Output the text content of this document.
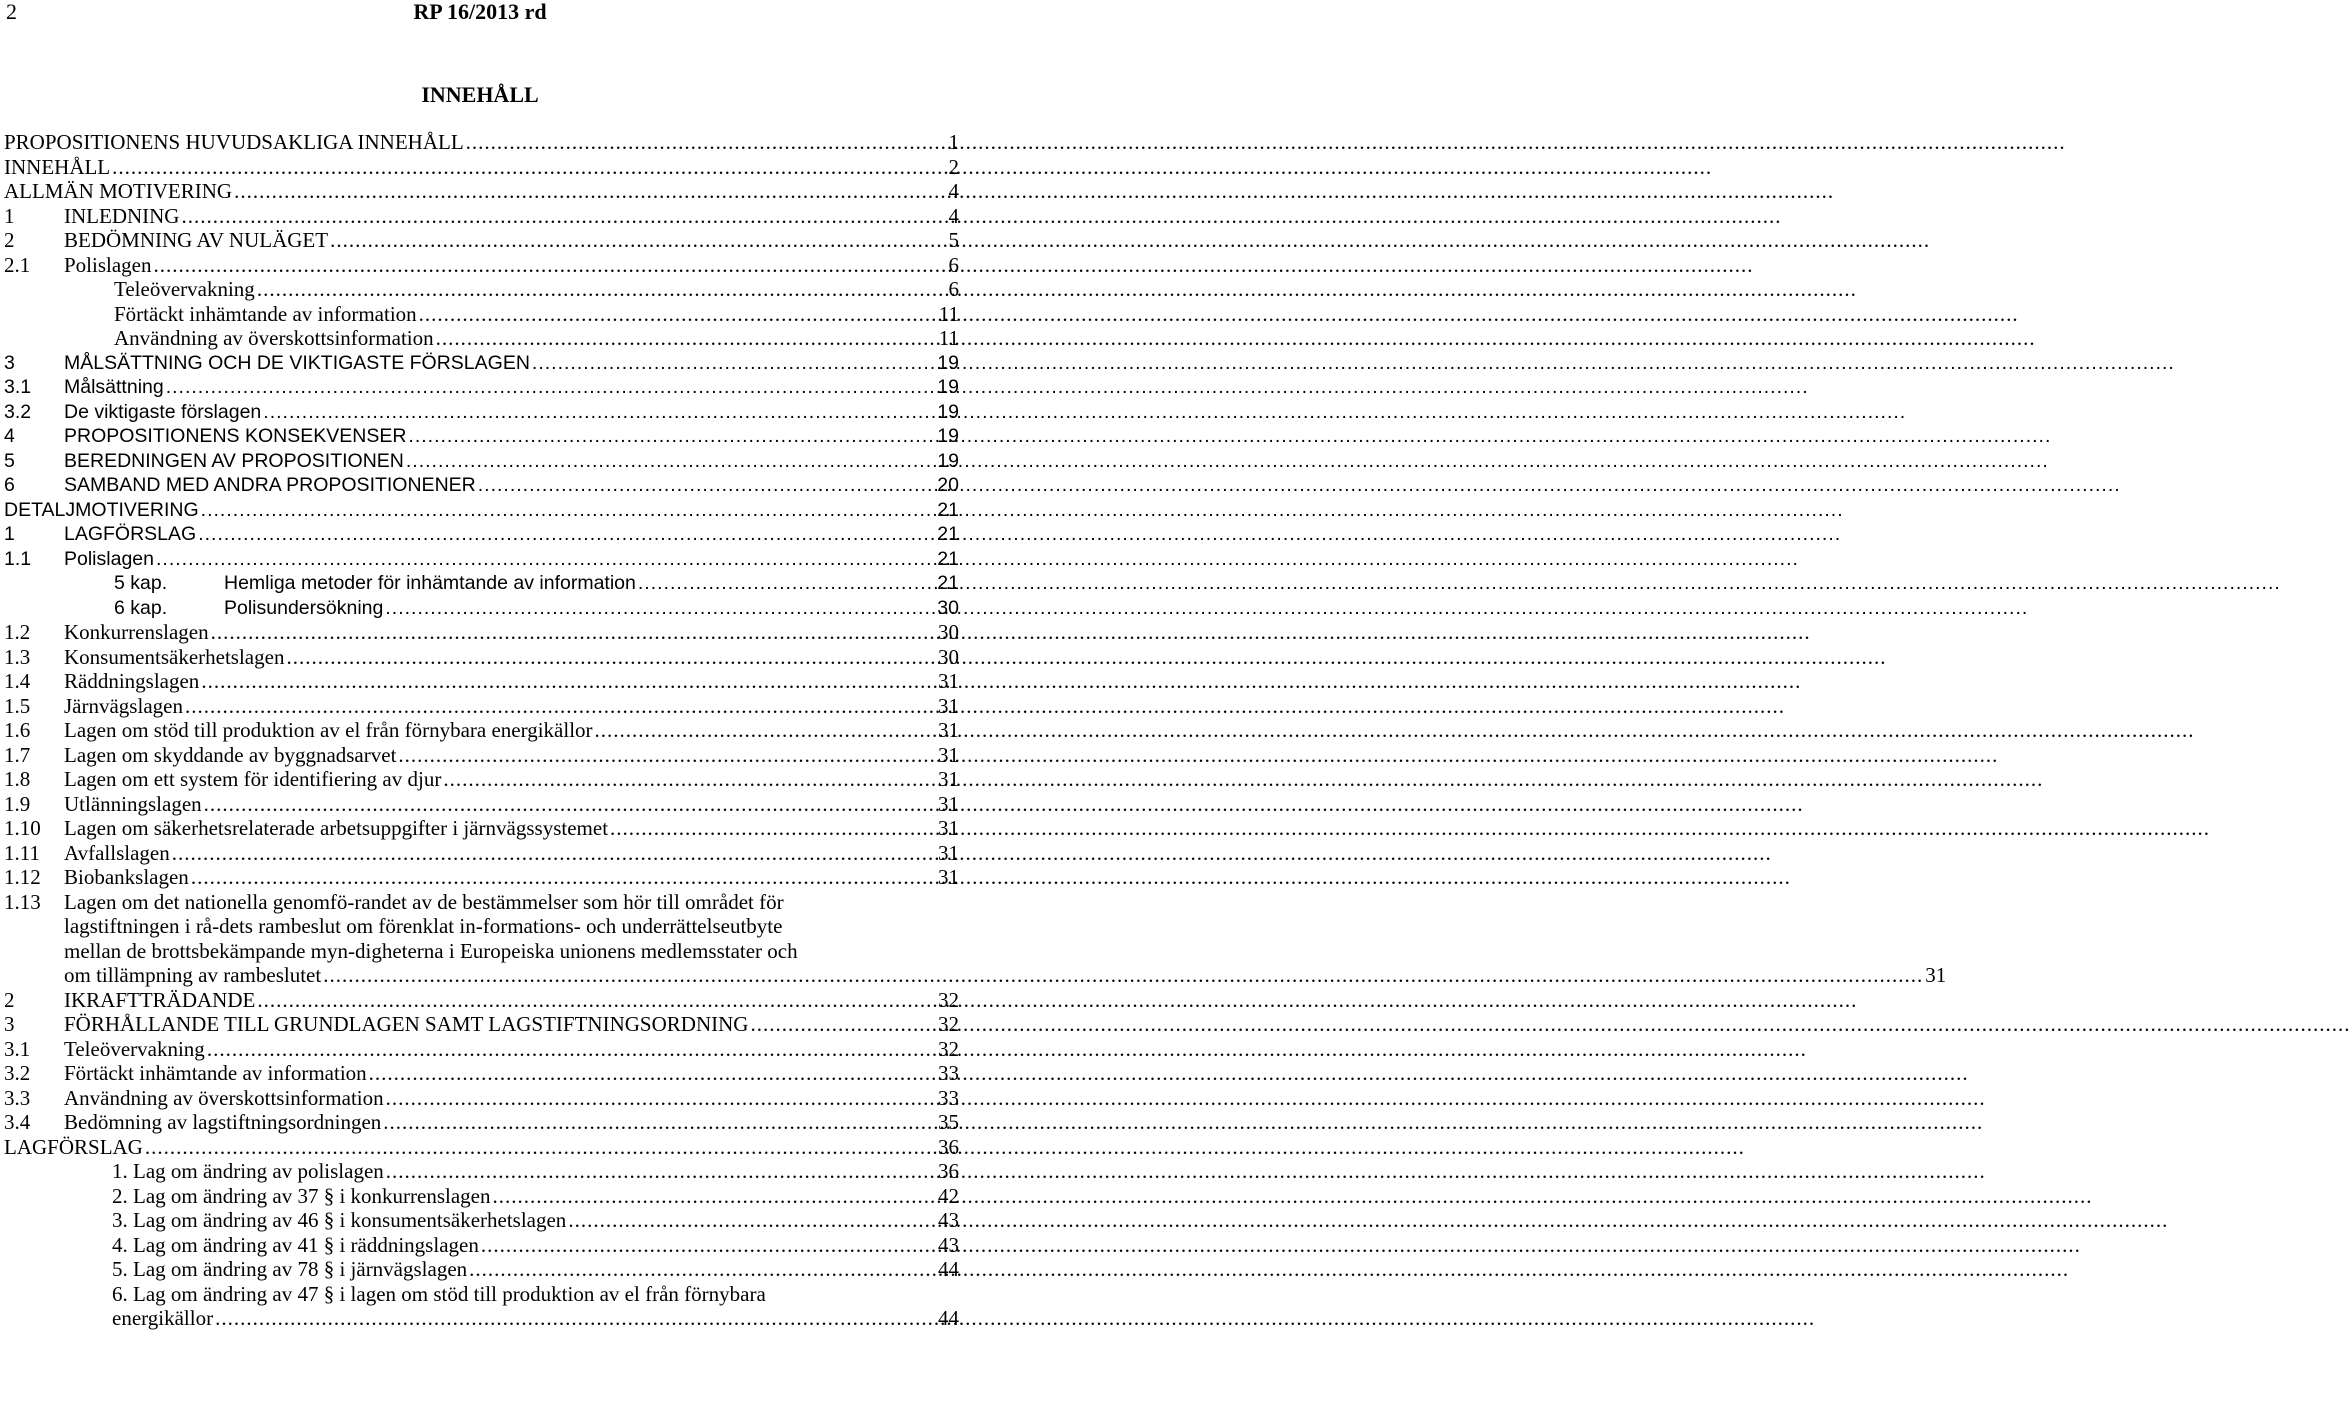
2	RP 16/2013 rd
INNEHÅLL
PROPOSITIONENS HUVUDSAKLIGA INNEHÅLL .....	1
INNEHÅLL .....	2
ALLMÄN MOTIVERING .....	4
1	INLEDNING .....	4
2	BEDÖMNING AV NULÄGET .....	5
2.1	Polislagen .....	6
Teleövervakning .....	6
Förtäckt inhämtande av information .....	11
Användning av överskottsinformation .....	11
3	MÅLSÄTTNING OCH DE VIKTIGASTE FÖRSLAGEN .....	19
3.1	Målsättning .....	19
3.2	De viktigaste förslagen .....	19
4	PROPOSITIONENS KONSEKVENSER .....	19
5	BEREDNINGEN AV PROPOSITIONEN .....	19
6	SAMBAND MED ANDRA PROPOSITIONENER .....	20
DETALJMOTIVERING .....	21
1	LAGFÖRSLAG .....	21
1.1	Polislagen .....	21
5 kap.	Hemliga metoder för inhämtande av information .....	21
6 kap.	Polisundersökning .....	30
1.2	Konkurrenslagen .....	30
1.3	Konsumentsäkerhetslagen .....	30
1.4	Räddningslagen .....	31
1.5	Järnvägslagen .....	31
1.6	Lagen om stöd till produktion av el från förnybara energikällor .....	31
1.7	Lagen om skyddande av byggnadsarvet .....	31
1.8	Lagen om ett system för identifiering av djur .....	31
1.9	Utlänningslagen .....	31
1.10	Lagen om säkerhetsrelaterade arbetsuppgifter i järnvägssystemet .....	31
1.11	Avfallslagen .....	31
1.12	Biobankslagen .....	31
1.13	Lagen om det nationella genomfö-randet av de bestämmelser som hör till området för
lagstiftningen i rå-dets rambeslut om förenklat in-formations- och underrättelseutbyte
mellan de brottsbekämpande myn-digheterna i Europeiska unionens medlemsstater och
om tillämpning av rambeslutet .....	31
2	IKRAFTTRÄDANDE .....	32
3	FÖRHÅLLANDE TILL GRUNDLAGEN SAMT LAGSTIFTNINGSORDNING .....	32
3.1	Teleövervakning .....	32
3.2	Förtäckt inhämtande av information .....	33
3.3	Användning av överskottsinformation .....	33
3.4	Bedömning av lagstiftningsordningen .....	35
LAGFÖRSLAG .....	36
1. Lag om ändring av polislagen .....	36
2. Lag om ändring av 37 § i konkurrenslagen .....	42
3. Lag om ändring av 46 § i konsumentsäkerhetslagen .....	43
4. Lag om ändring av 41 § i räddningslagen .....	43
5. Lag om ändring av 78 § i järnvägslagen .....	44
6. Lag om ändring av 47 § i lagen om stöd till produktion av el från förnybara
energikällor .....	44
